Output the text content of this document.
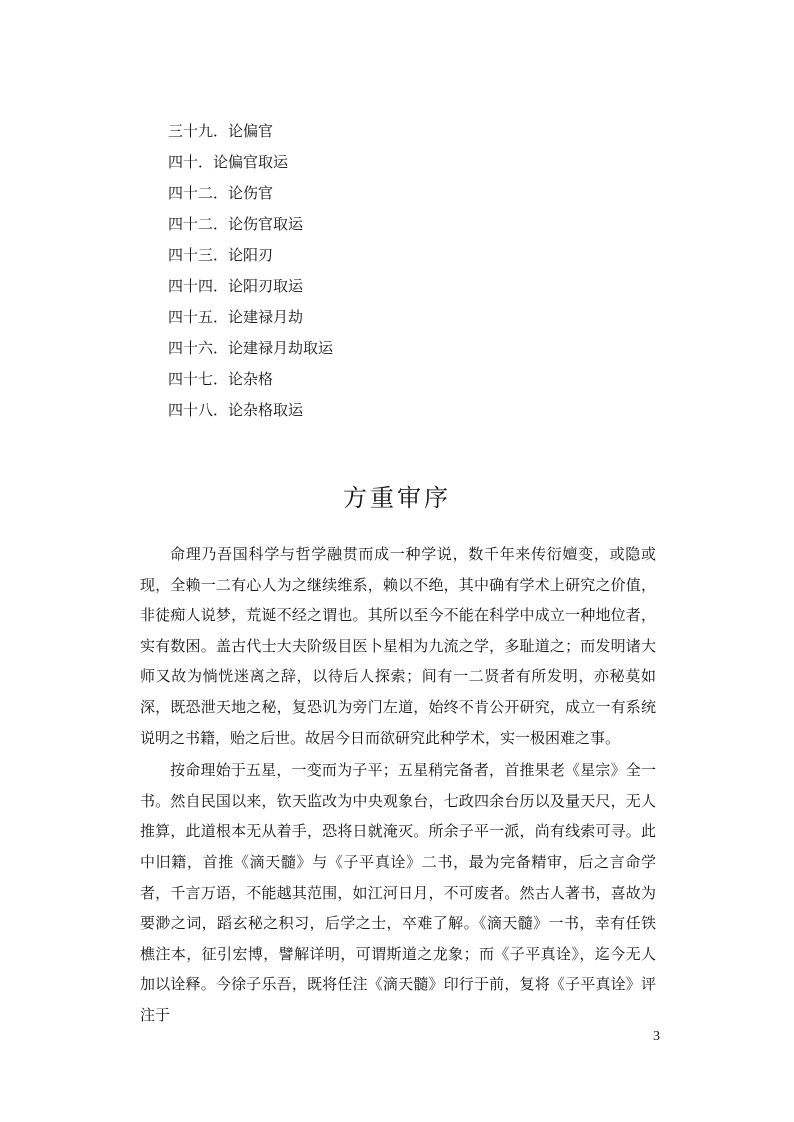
三十九．论偏官
四十．论偏官取运
四十二．论伤官
四十二．论伤官取运
四十三．论阳刃
四十四．论阳刃取运
四十五．论建禄月劫
四十六．论建禄月劫取运
四十七．论杂格
四十八．论杂格取运
方重审序

命理乃吾国科学与哲学融贯而成一种学说，数千年来传衍嬗变，或隐或现，全赖一二有心人为之继续维系，赖以不绝，其中确有学术上研究之价值，非徒痴人说梦，荒诞不经之谓也。其所以至今不能在科学中成立一种地位者，实有数困。盖古代士大夫阶级目医卜星相为九流之学，多耻道之；而发明诸大师又故为惝恍迷离之辞，以待后人探索；间有一二贤者有所发明，亦秘莫如深，既恐泄天地之秘，复恐讥为旁门左道，始终不肯公开研究，成立一有系统说明之书籍，贻之后世。故居今日而欲研究此种学术，实一极困难之事。

按命理始于五星，一变而为子平；五星稍完备者，首推果老《星宗》全一书。然自民国以来，钦天监改为中央观象台，七政四余台历以及量天尺，无人推算，此道根本无从着手，恐将日就淹灭。所余子平一派，尚有线索可寻。此中旧籍，首推《滴天髓》与《子平真诠》二书，最为完备精审，后之言命学者，千言万语，不能越其范围，如江河日月，不可废者。然古人著书，喜故为要渺之词，蹈玄秘之积习，后学之士，卒难了解。《滴天髓》一书，幸有任铁樵注本，征引宏博，譬解详明，可谓斯道之龙象；而《子平真诠》，迄今无人加以诠释。今徐子乐吾，既将任注《滴天髓》印行于前，复将《子平真诠》评注于

3
